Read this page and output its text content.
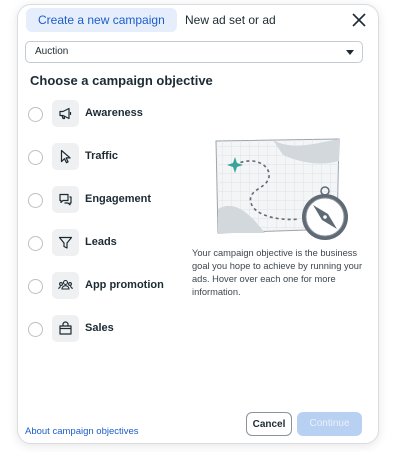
Create a new campaign	New ad set or ad
Auction
Choose a campaign objective
Awareness
Traffic
Engagement
Leads
App promotion
Sales
Your campaign objective is the business goal you hope to achieve by running your ads. Hover over each one for more information.
About campaign objectives
Cancel	Continue
